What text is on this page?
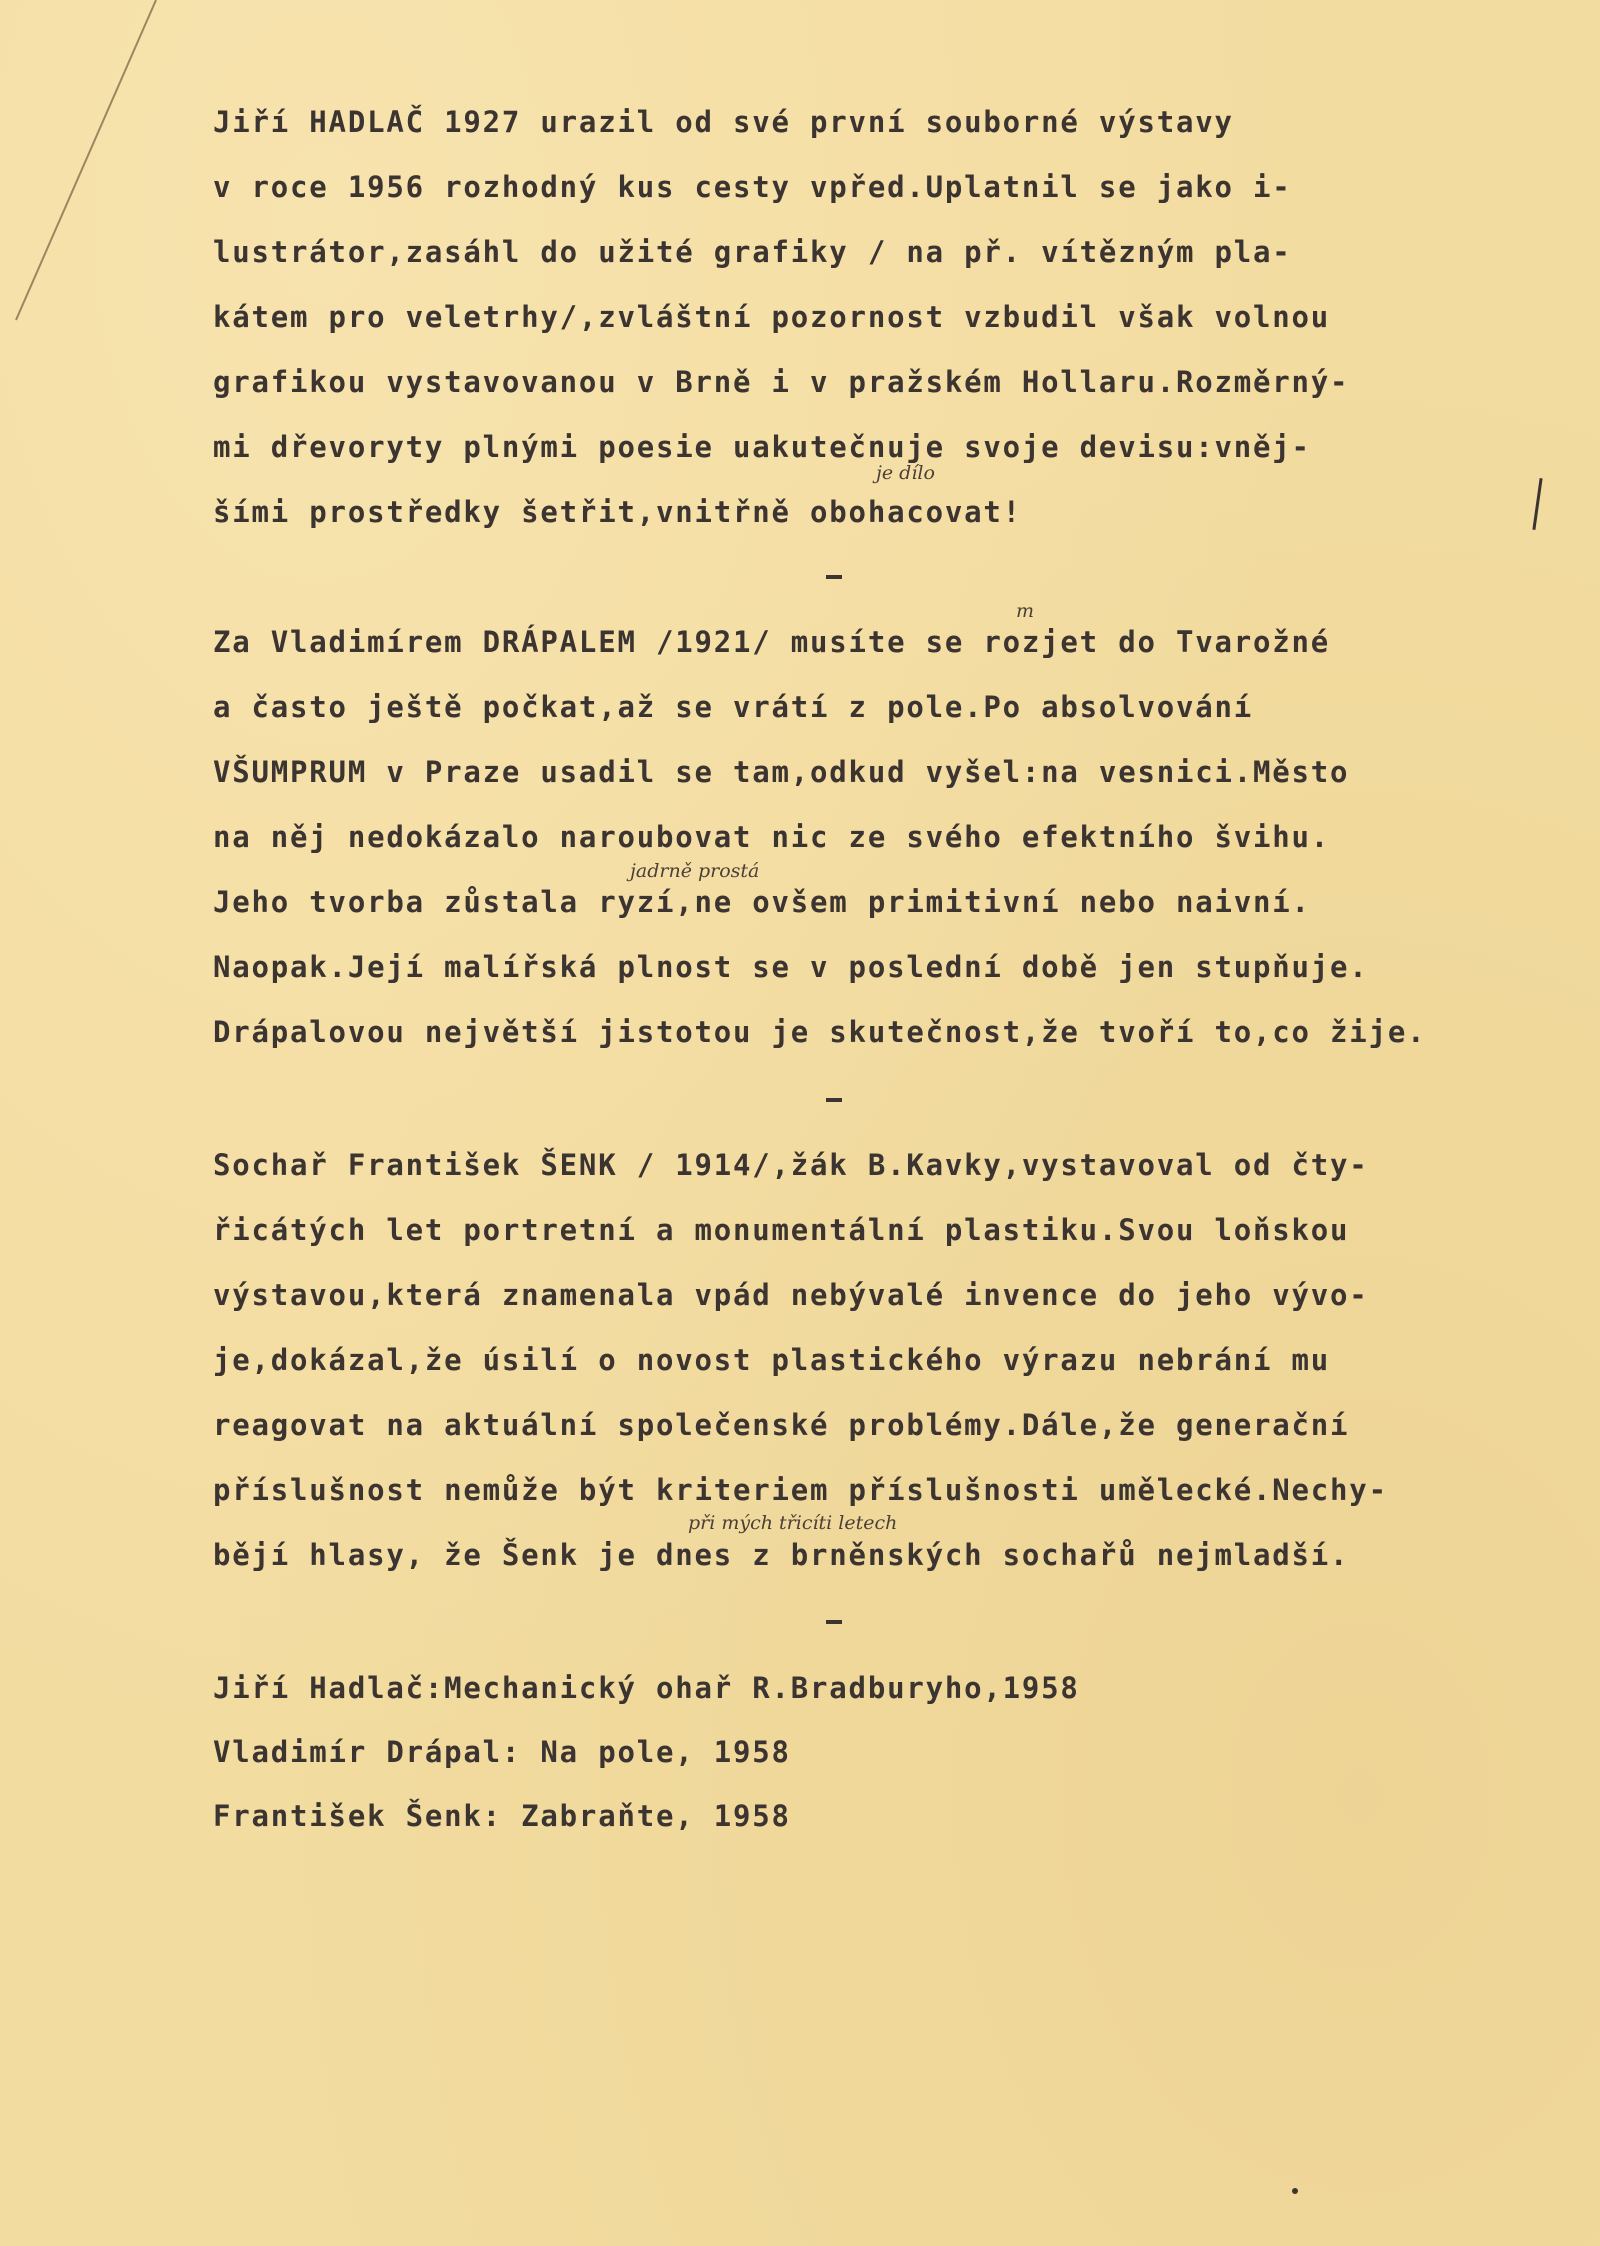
Jiří HADLAČ 1927 urazil od své první souborné výstavy
v roce 1956 rozhodný kus cesty vpřed.Uplatnil se jako i-
lustrátor,zasáhl do užité grafiky / na př. vítězným pla-
kátem pro veletrhy/,zvláštní pozornost vzbudil však volnou
grafikou vystavovanou v Brně i v pražském Hollaru.Rozměrný-
mi dřevoryty plnými poesie uakutečnuje svoje devisu:vněj-
šími prostředky šetřit,vnitřně obohacovat!
je dílo
Za Vladimírem DRÁPALEM /1921/ musíte se rozjet do Tvarožné
a často ještě počkat,až se vrátí z pole.Po absolvování
VŠUMPRUM v Praze usadil se tam,odkud vyšel:na vesnici.Město
na něj nedokázalo naroubovat nic ze svého efektního švihu.
Jeho tvorba zůstala ryzí,ne ovšem primitivní nebo naivní.
Naopak.Její malířská plnost se v poslední době jen stupňuje.
Drápalovou největší jistotou je skutečnost,že tvoří to,co žije.
m
jadrně prostá
Sochař František ŠENK / 1914/,žák B.Kavky,vystavoval od čty-
řicátých let portretní a monumentální plastiku.Svou loňskou
výstavou,která znamenala vpád nebývalé invence do jeho vývo-
je,dokázal,že úsilí o novost plastického výrazu nebrání mu
reagovat na aktuální společenské problémy.Dále,že generační
příslušnost nemůže být kriteriem příslušnosti umělecké.Nechy-
bějí hlasy, že Šenk je dnes z brněnských sochařů nejmladší.
při mých třicíti letech
Jiří Hadlač:Mechanický ohař R.Bradburyho,1958
Vladimír Drápal: Na pole, 1958
František Šenk: Zabraňte, 1958
